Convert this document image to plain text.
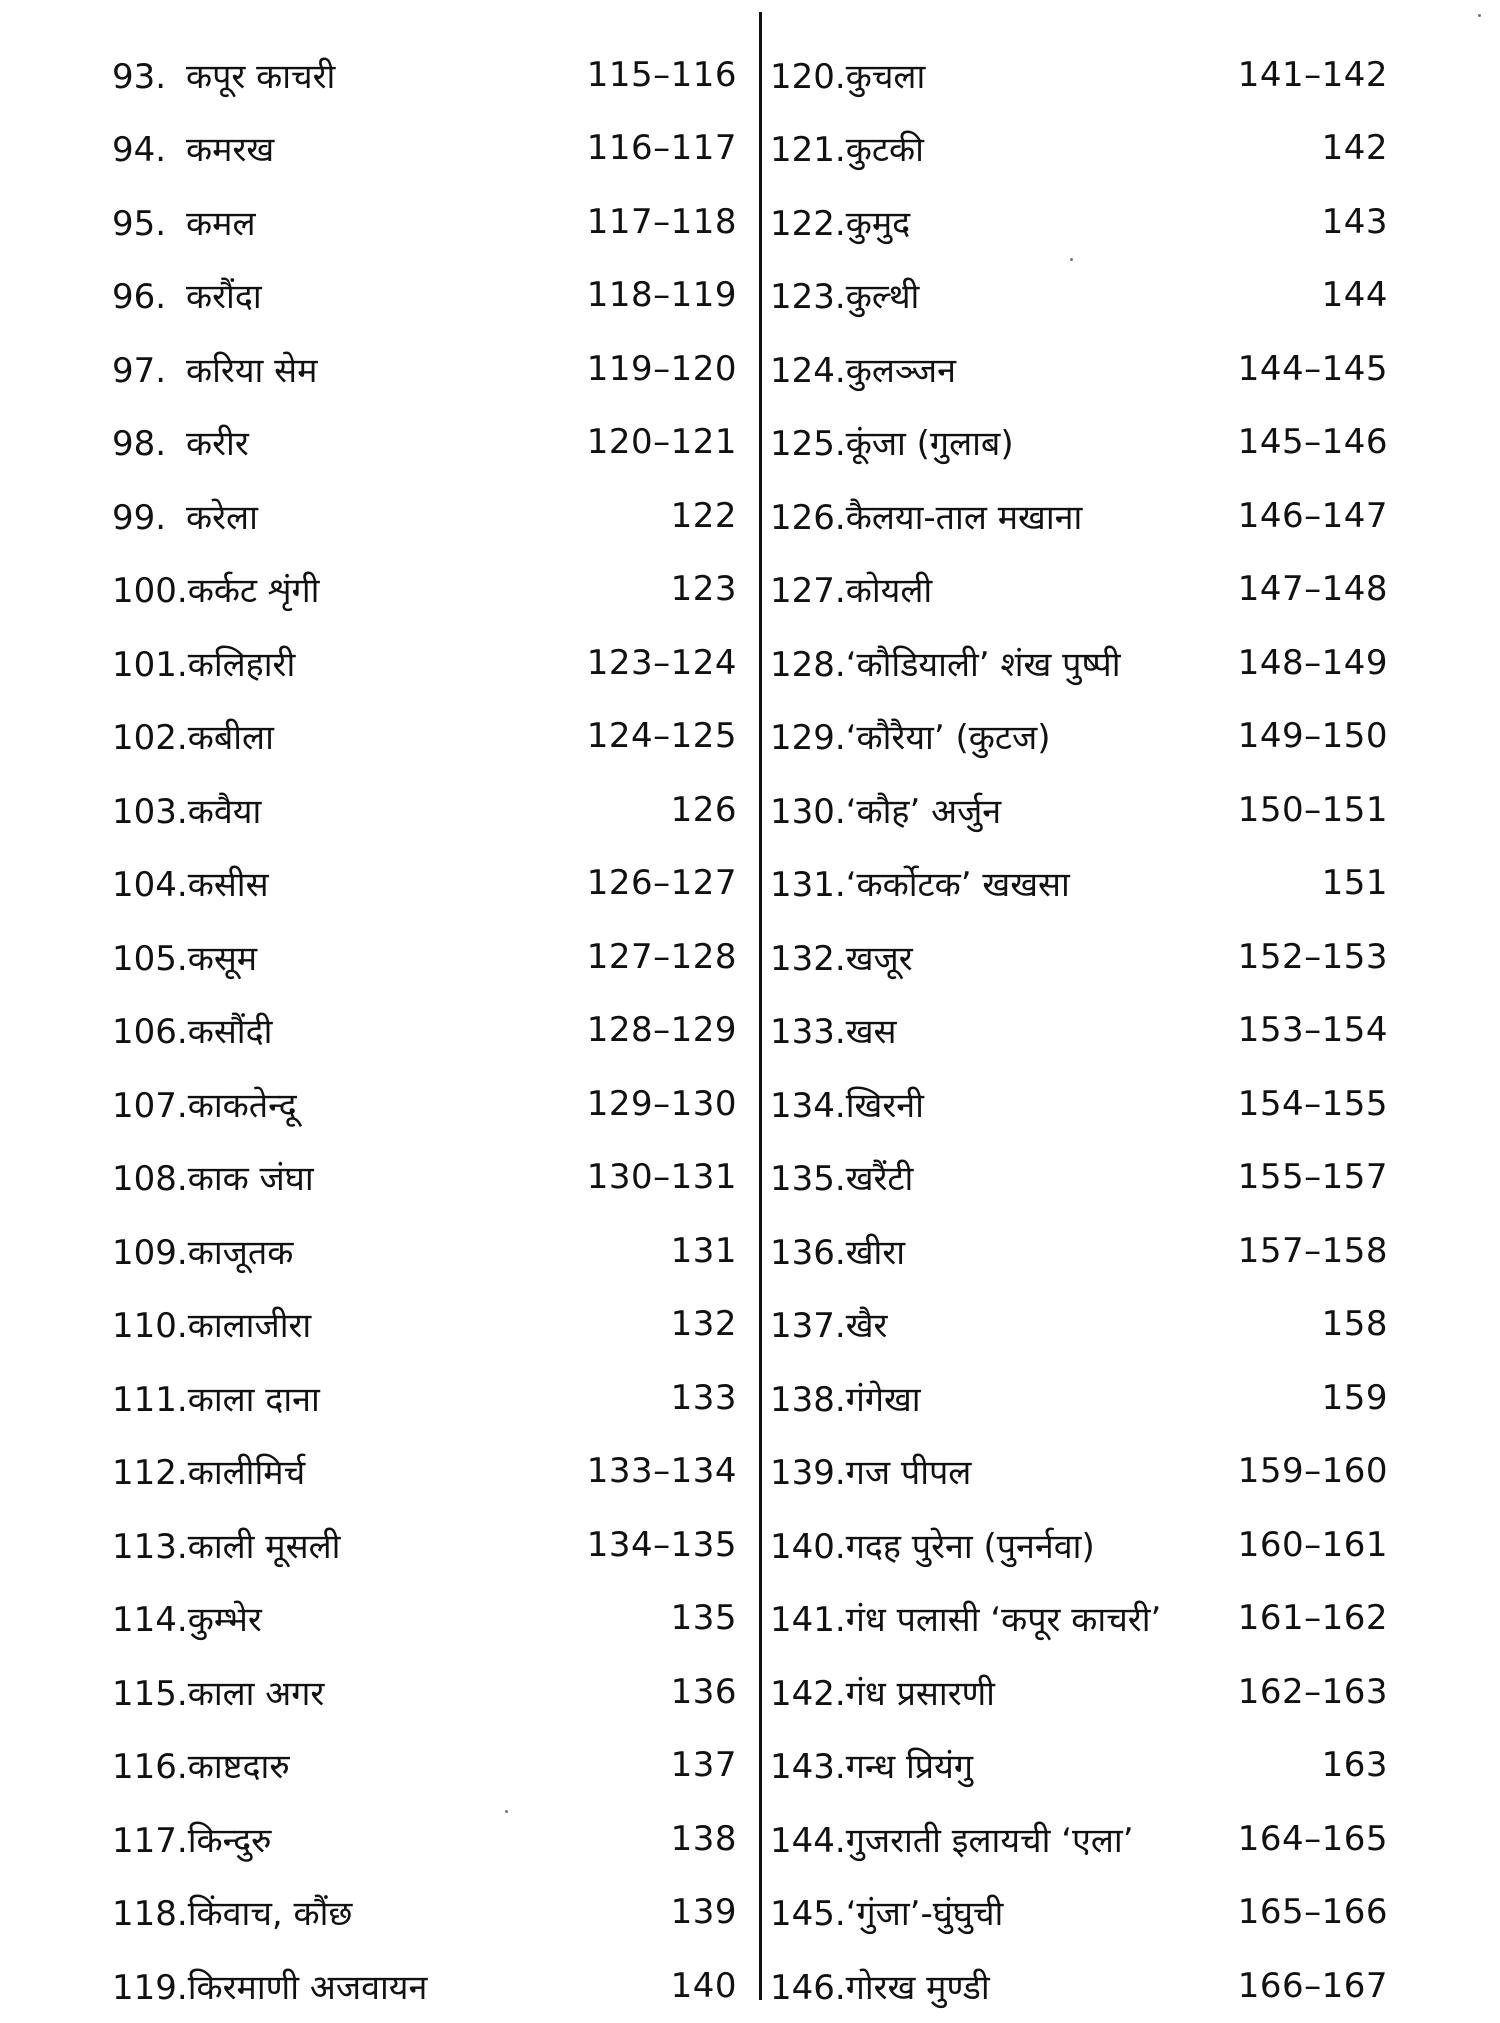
93. कपूर काचरी	115–116
94. कमरख	116–117
95. कमल	117–118
96. करौंदा	118–119
97. करिया सेम	119–120
98. करीर	120–121
99. करेला	122
100. कर्कट शृंगी	123
101. कलिहारी	123–124
102. कबीला	124–125
103. कवैया	126
104. कसीस	126–127
105. कसूम	127–128
106. कसौंदी	128–129
107. काकतेन्दू	129–130
108. काक जंघा	130–131
109. काजूतक	131
110. कालाजीरा	132
111. काला दाना	133
112. कालीमिर्च	133–134
113. काली मूसली	134–135
114. कुम्भेर	135
115. काला अगर	136
116. काष्टदारु	137
117. किन्दुरु	138
118. किंवाच, कौंछ	139
119. किरमाणी अजवायन	140
120. कुचला	141–142
121. कुटकी	142
122. कुमुद	143
123. कुल्थी	144
124. कुलञ्जन	144–145
125. कूंजा (गुलाब)	145–146
126. कैलया-ताल मखाना	146–147
127. कोयली	147–148
128. ‘कौडियाली’ शंख पुष्पी	148–149
129. ‘कौरैया’ (कुटज)	149–150
130. ‘कौह’ अर्जुन	150–151
131. ‘कर्कोटक’ खखसा	151
132. खजूर	152–153
133. खस	153–154
134. खिरनी	154–155
135. खरैंटी	155–157
136. खीरा	157–158
137. खैर	158
138. गंगेखा	159
139. गज पीपल	159–160
140. गदह पुरेना (पुनर्नवा)	160–161
141. गंध पलासी ‘कपूर काचरी’ 161–162
142. गंध प्रसारणी	162–163
143. गन्ध प्रियंगु	163
144. गुजराती इलायची ‘एला’	164–165
145. ‘गुंजा’-घुंघुची	165–166
146. गोरख मुण्डी	166–167
